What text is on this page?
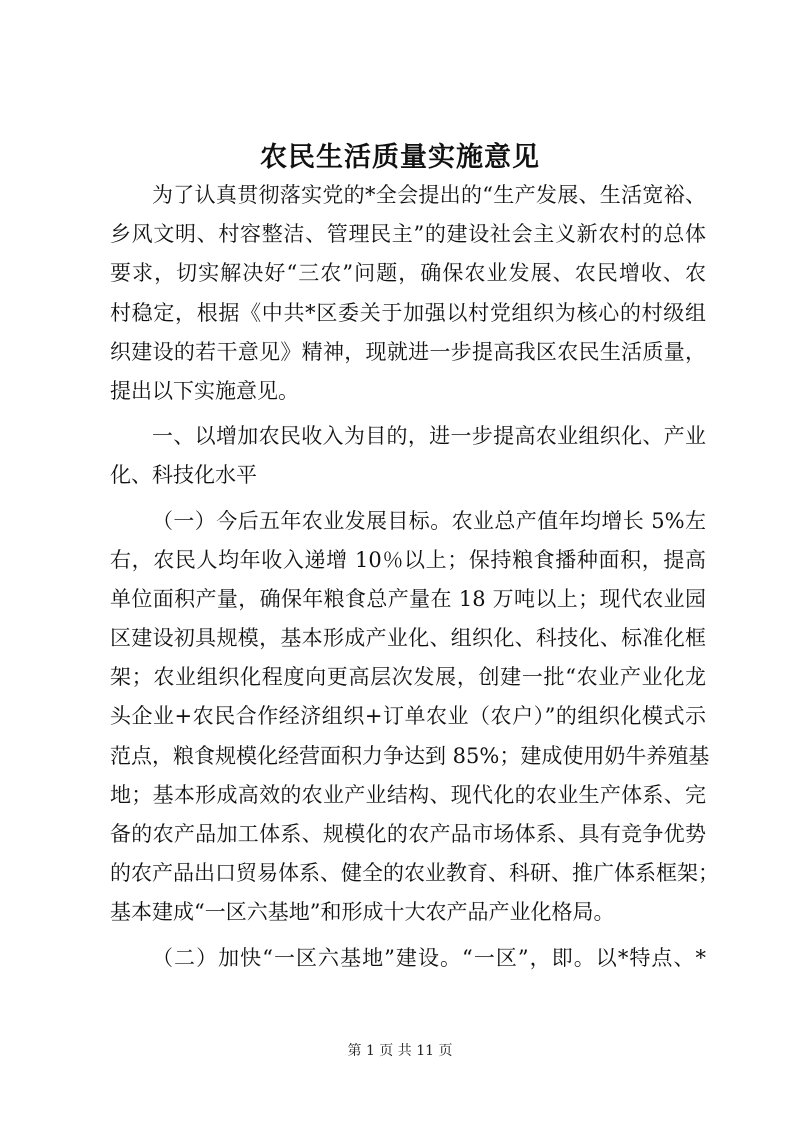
农民生活质量实施意见
为了认真贯彻落实党的*全会提出的“生产发展、生活宽裕、
乡风文明、村容整洁、管理民主”的建设社会主义新农村的总体
要求，切实解决好“三农”问题，确保农业发展、农民增收、农
村稳定，根据《中共*区委关于加强以村党组织为核心的村级组
织建设的若干意见》精神，现就进一步提高我区农民生活质量，
提出以下实施意见。
一、以增加农民收入为目的，进一步提高农业组织化、产业
化、科技化水平
（一）今后五年农业发展目标。农业总产值年均增长 5%左
右，农民人均年收入递增 10％以上；保持粮食播种面积，提高
单位面积产量，确保年粮食总产量在 18 万吨以上；现代农业园
区建设初具规模，基本形成产业化、组织化、科技化、标准化框
架；农业组织化程度向更高层次发展，创建一批“农业产业化龙
头企业+农民合作经济组织+订单农业（农户）”的组织化模式示
范点，粮食规模化经营面积力争达到 85%；建成使用奶牛养殖基
地；基本形成高效的农业产业结构、现代化的农业生产体系、完
备的农产品加工体系、规模化的农产品市场体系、具有竞争优势
的农产品出口贸易体系、健全的农业教育、科研、推广体系框架；
基本建成“一区六基地”和形成十大农产品产业化格局。
（二）加快“一区六基地”建设。“一区”，即。以*特点、*
第 1 页 共 11 页
